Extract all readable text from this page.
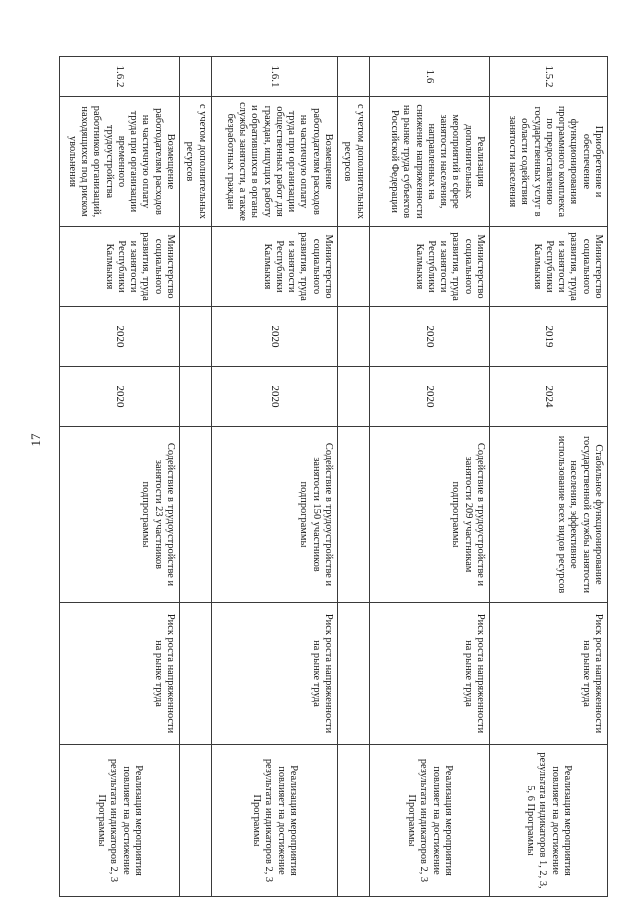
17
1.5.2	Приобретение и обеспечение функционирования программного комплекса по предоставлению государственных услуг в области содействия занятости населения	Министерство социального развития, труда и занятости Республики Калмыкия	2019	2024	Стабильное функционирование государственной службы занятости населения, эффективное использование всех видов ресурсов	Риск роста напряженности на рынке труда	Реализация мероприятия повлияет на достижение результата индикаторов 1, 2, 3, 5, 6 Программы
1.6	Реализация дополнительных мероприятий в сфере занятости населения, направленных на снижение напряженности на рынке труда субъектов Российской Федерации	Министерство социального развития, труда и занятости Республики Калмыкия	2020	2020	Содействие в трудоустройстве и занятости 209 участникам подпрограммы	Риск роста напряженности на рынке труда	Реализация мероприятия повлияет на достижение результата индикаторов 2, 3 Программы
	с учетом дополнительных ресурсов						
1.6.1	Возмещение работодателям расходов на частичную оплату труда при организации общественных работ для граждан, ищущих работу и обратившихся в органы службы занятости, а также безработных граждан	Министерство социального развития, труда и занятости Республики Калмыкия	2020	2020	Содействие в трудоустройстве и занятости 150 участников подпрограммы	Риск роста напряженности на рынке труда	Реализация мероприятия повлияет на достижение результата индикаторов 2, 3 Программы
	с учетом дополнительных ресурсов						
1.6.2	Возмещение работодателям расходов на частичную оплату труда при организации временного трудоустройства работников организаций, находящихся под риском увольнения	Министерство социального развития, труда и занятости Республики Калмыкия	2020	2020	Содействие в трудоустройстве и занятости 23 участников подпрограммы	Риск роста напряженности на рынке труда	Реализация мероприятия повлияет на достижение результата индикаторов 2, 3 Программы
